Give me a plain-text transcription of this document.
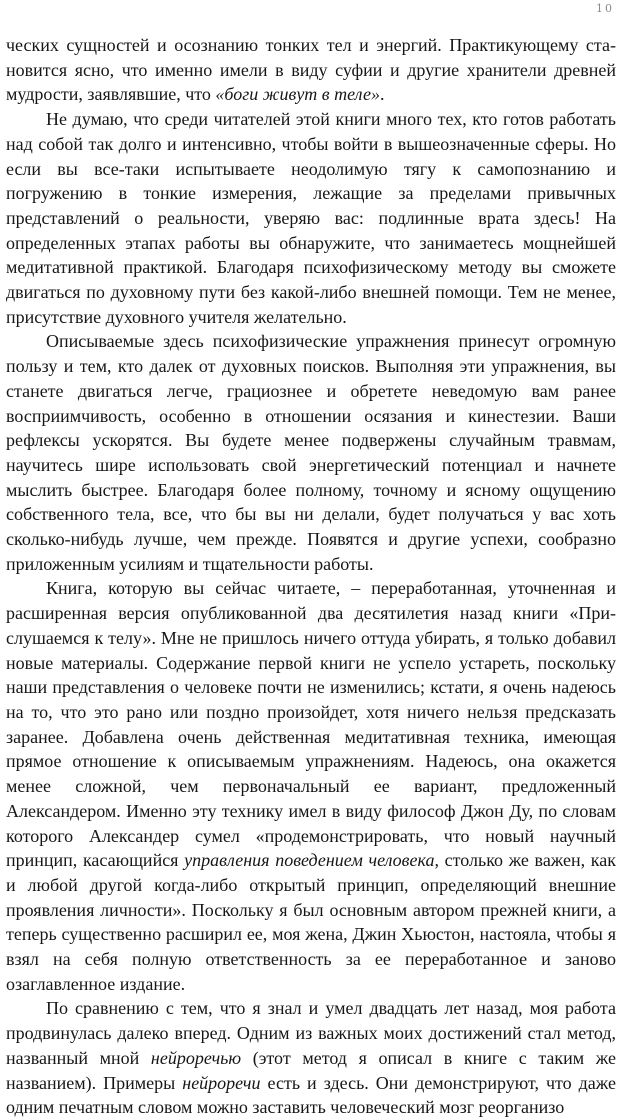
10

ческих сущностей и осознанию тонких тел и энергий. Практикующему становится ясно, что именно имели в виду суфии и другие хранители древней мудрости, заявлявшие, что «боги живут в теле».

Не думаю, что среди читателей этой книги много тех, кто готов работать над собой так долго и интенсивно, чтобы войти в вышеозначенные сферы. Но если вы все-таки испытываете неодолимую тягу к самопознанию и погружению в тонкие измерения, лежащие за пределами привычных представлений о реальности, уверяю вас: подлинные врата здесь! На определенных этапах работы вы обнаружите, что занимаетесь мощнейшей медитативной практикой. Благодаря психофизическому методу вы сможете двигаться по духовному пути без какой-либо внешней помощи. Тем не менее, присутствие духовного учителя желательно.

Описываемые здесь психофизические упражнения принесут огромную пользу и тем, кто далек от духовных поисков. Выполняя эти упражнения, вы станете двигаться легче, грациознее и обретете неведомую вам ранее восприимчивость, особенно в отношении осязания и кинестезии. Ваши рефлексы ускорятся. Вы будете менее подвержены случайным травмам, научитесь шире использовать свой энергетический потенциал и начнете мыслить быстрее. Благодаря более полному, точному и ясному ощущению собственного тела, все, что бы вы ни делали, будет получаться у вас хоть сколько-нибудь лучше, чем прежде. Появятся и другие успехи, сообразно приложенным усилиям и тщательности работы.

Книга, которую вы сейчас читаете, – переработанная, уточненная и расширенная версия опубликованной два десятилетия назад книги «Прислушаемся к телу». Мне не пришлось ничего оттуда убирать, я только добавил новые материалы. Содержание первой книги не успело устареть, поскольку наши представления о человеке почти не изменились; кстати, я очень надеюсь на то, что это рано или поздно произойдет, хотя ничего нельзя предсказать заранее. Добавлена очень действенная медитативная техника, имеющая прямое отношение к описываемым упражнениям. Надеюсь, она окажется менее сложной, чем первоначальный ее вариант, предложенный Александером. Именно эту технику имел в виду философ Джон Ду, по словам которого Александер сумел «продемонстрировать, что новый научный принцип, касающийся управления поведением человека, столько же важен, как и любой другой когда-либо открытый принцип, определяющий внешние проявления личности». Поскольку я был основным автором прежней книги, а теперь существенно расширил ее, моя жена, Джин Хьюстон, настояла, чтобы я взял на себя полную ответственность за ее переработанное и заново озаглавленное издание.

По сравнению с тем, что я знал и умел двадцать лет назад, моя работа продвинулась далеко вперед. Одним из важных моих достижений стал метод, названный мной нейроречью (этот метод я описал в книге с таким же названием). Примеры нейроречи есть и здесь. Они демонстрируют, что даже одним печатным словом можно заставить человеческий мозг реорганизо
